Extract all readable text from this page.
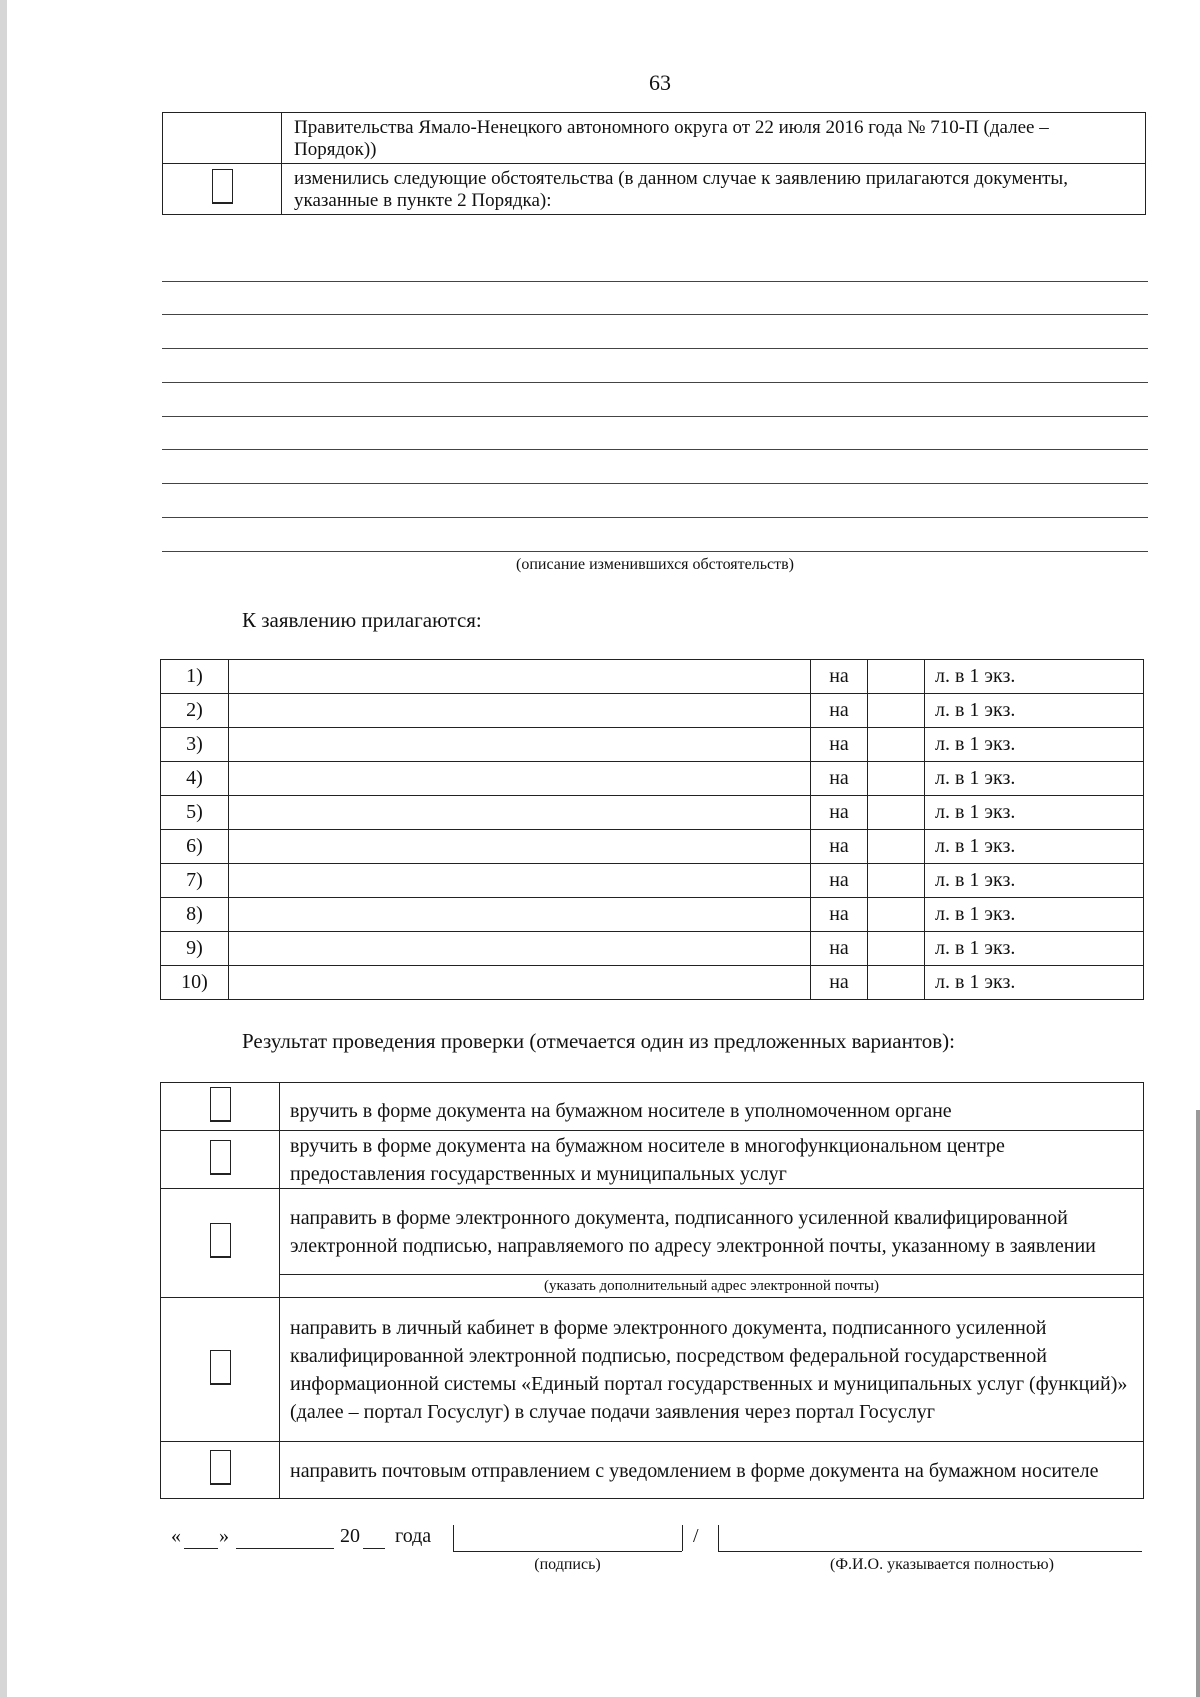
63
	Правительства Ямало-Ненецкого автономного округа от 22 июля 2016 года № 710-П (далее – Порядок))
	изменились следующие обстоятельства (в данном случае к заявлению прилагаются документы, указанные в пункте 2 Порядка):
(описание изменившихся обстоятельств)
К заявлению прилагаются:
1)		на		л. в 1 экз.
2)		на		л. в 1 экз.
3)		на		л. в 1 экз.
4)		на		л. в 1 экз.
5)		на		л. в 1 экз.
6)		на		л. в 1 экз.
7)		на		л. в 1 экз.
8)		на		л. в 1 экз.
9)		на		л. в 1 экз.
10)		на		л. в 1 экз.
Результат проведения проверки (отмечается один из предложенных вариантов):
	вручить в форме документа на бумажном носителе в уполномоченном органе
	вручить в форме документа на бумажном носителе в многофункциональном центре предоставления государственных и муниципальных услуг
	направить в форме электронного документа, подписанного усиленной квалифицированной электронной подписью, направляемого по адресу электронной почты, указанному в заявлении
	(указать дополнительный адрес электронной почты)
	направить в личный кабинет в форме электронного документа, подписанного усиленной квалифицированной электронной подписью, посредством федеральной государственной информационной системы «Единый портал государственных и муниципальных услуг (функций)» (далее – портал Госуслуг) в случае подачи заявления через портал Госуслуг
	направить почтовым отправлением с уведомлением в форме документа на бумажном носителе
« »	20 года	/
(подпись)	(Ф.И.О. указывается полностью)
